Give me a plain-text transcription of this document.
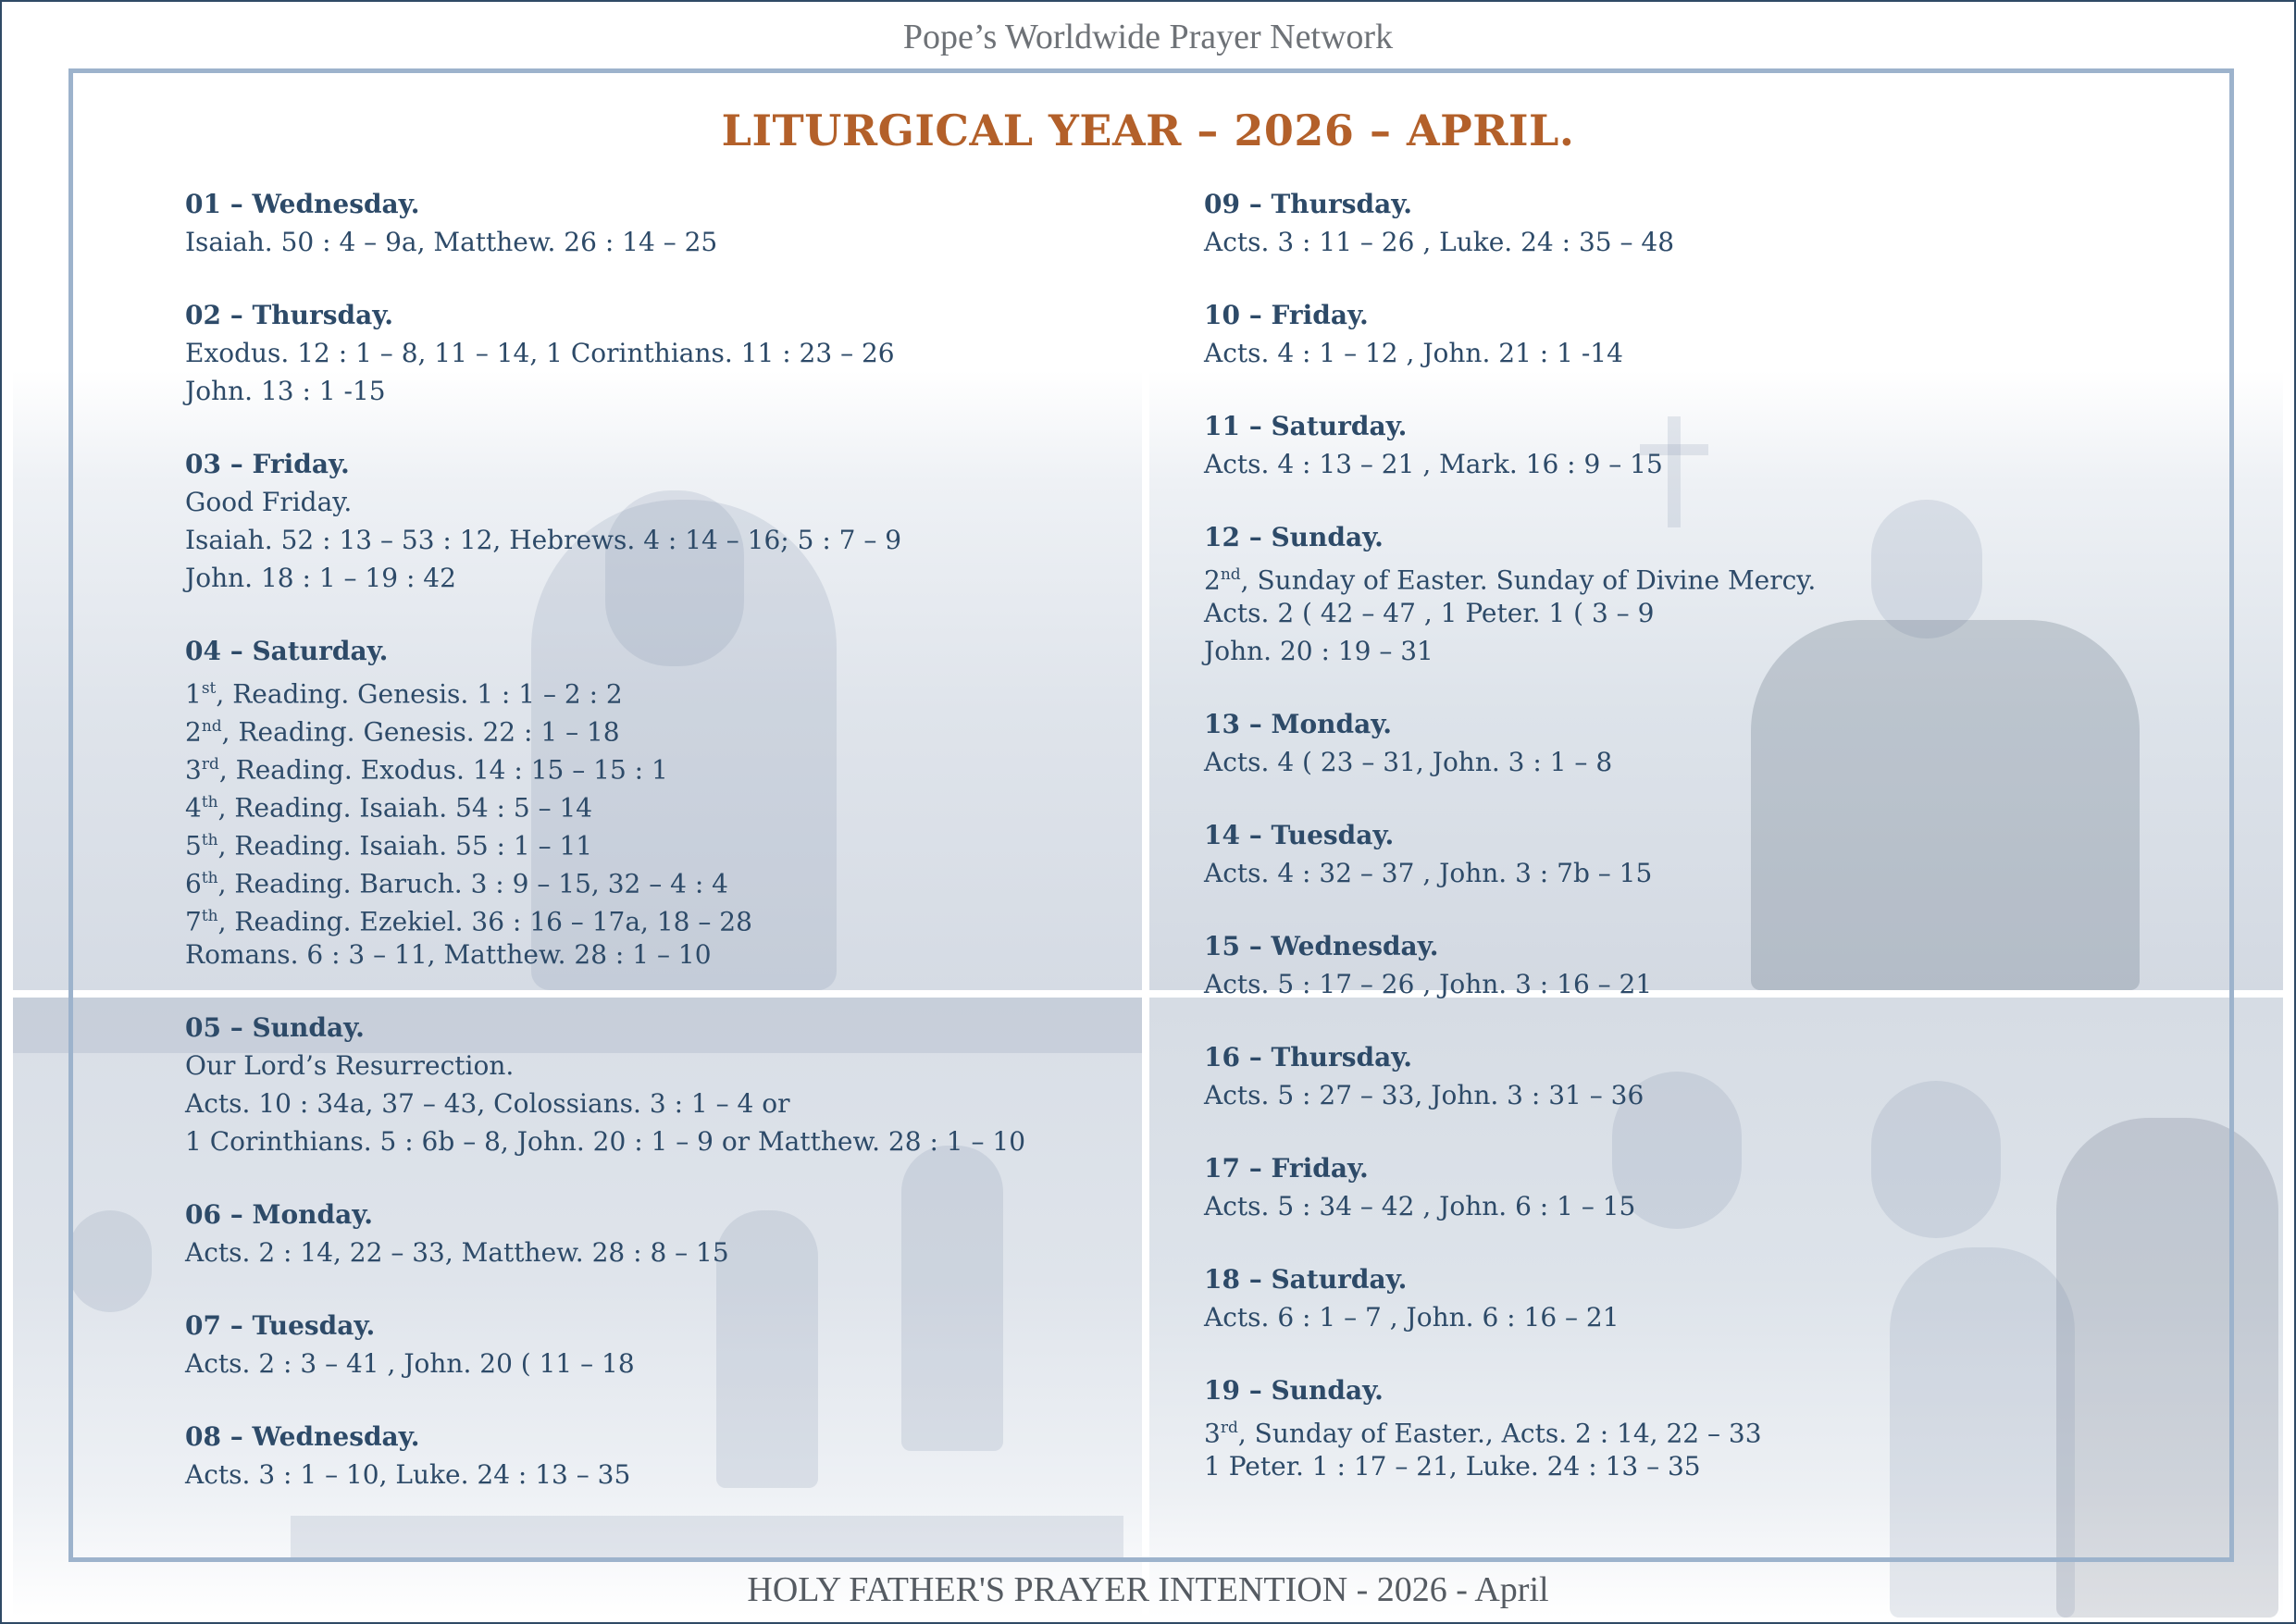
Pope’s Worldwide Prayer Network
LITURGICAL YEAR – 2026 – APRIL.
01 – Wednesday.
Isaiah. 50 : 4 – 9a, Matthew. 26 : 14 – 25
02 – Thursday.
Exodus. 12 : 1 – 8, 11 – 14, 1 Corinthians. 11 : 23 – 26
John. 13 : 1 -15
03 – Friday.
Good Friday.
Isaiah. 52 : 13 – 53 : 12, Hebrews. 4 : 14 – 16; 5 : 7 – 9
John. 18 : 1 – 19 : 42
04 – Saturday.
1st, Reading. Genesis. 1 : 1 – 2 : 2
2nd, Reading. Genesis. 22 : 1 – 18
3rd, Reading. Exodus. 14 : 15 – 15 : 1
4th, Reading. Isaiah. 54 : 5 – 14
5th, Reading. Isaiah. 55 : 1 – 11
6th, Reading. Baruch. 3 : 9 – 15, 32 – 4 : 4
7th, Reading. Ezekiel. 36 : 16 – 17a, 18 – 28
Romans. 6 : 3 – 11, Matthew. 28 : 1 – 10
05 – Sunday.
Our Lord’s Resurrection.
Acts. 10 : 34a, 37 – 43, Colossians. 3 : 1 – 4 or
1 Corinthians. 5 : 6b – 8, John. 20 : 1 – 9 or Matthew. 28 : 1 – 10
06 – Monday.
Acts. 2 : 14, 22 – 33, Matthew. 28 : 8 – 15
07 – Tuesday.
Acts. 2 : 3 – 41 , John. 20 ( 11 – 18
08 – Wednesday.
Acts. 3 : 1 – 10, Luke. 24 : 13 – 35
09 – Thursday.
Acts. 3 : 11 – 26 , Luke. 24 : 35 – 48
10 – Friday.
Acts. 4 : 1 – 12 , John. 21 : 1 -14
11 – Saturday.
Acts. 4 : 13 – 21 , Mark. 16 : 9 – 15
12 – Sunday.
2nd, Sunday of Easter. Sunday of Divine Mercy.
Acts. 2 ( 42 – 47 , 1 Peter. 1 ( 3 – 9
John. 20 : 19 – 31
13 – Monday.
Acts. 4 ( 23 – 31, John. 3 : 1 – 8
14 – Tuesday.
Acts. 4 : 32 – 37 , John. 3 : 7b – 15
15 – Wednesday.
Acts. 5 : 17 – 26 , John. 3 : 16 – 21
16 – Thursday.
Acts. 5 : 27 – 33, John. 3 : 31 – 36
17 – Friday.
Acts. 5 : 34 – 42 , John. 6 : 1 – 15
18 – Saturday.
Acts. 6 : 1 – 7 , John. 6 : 16 – 21
19 – Sunday.
3rd, Sunday of Easter., Acts. 2 : 14, 22 – 33
1 Peter. 1 : 17 – 21, Luke. 24 : 13 – 35
HOLY FATHER'S PRAYER INTENTION - 2026 - April
